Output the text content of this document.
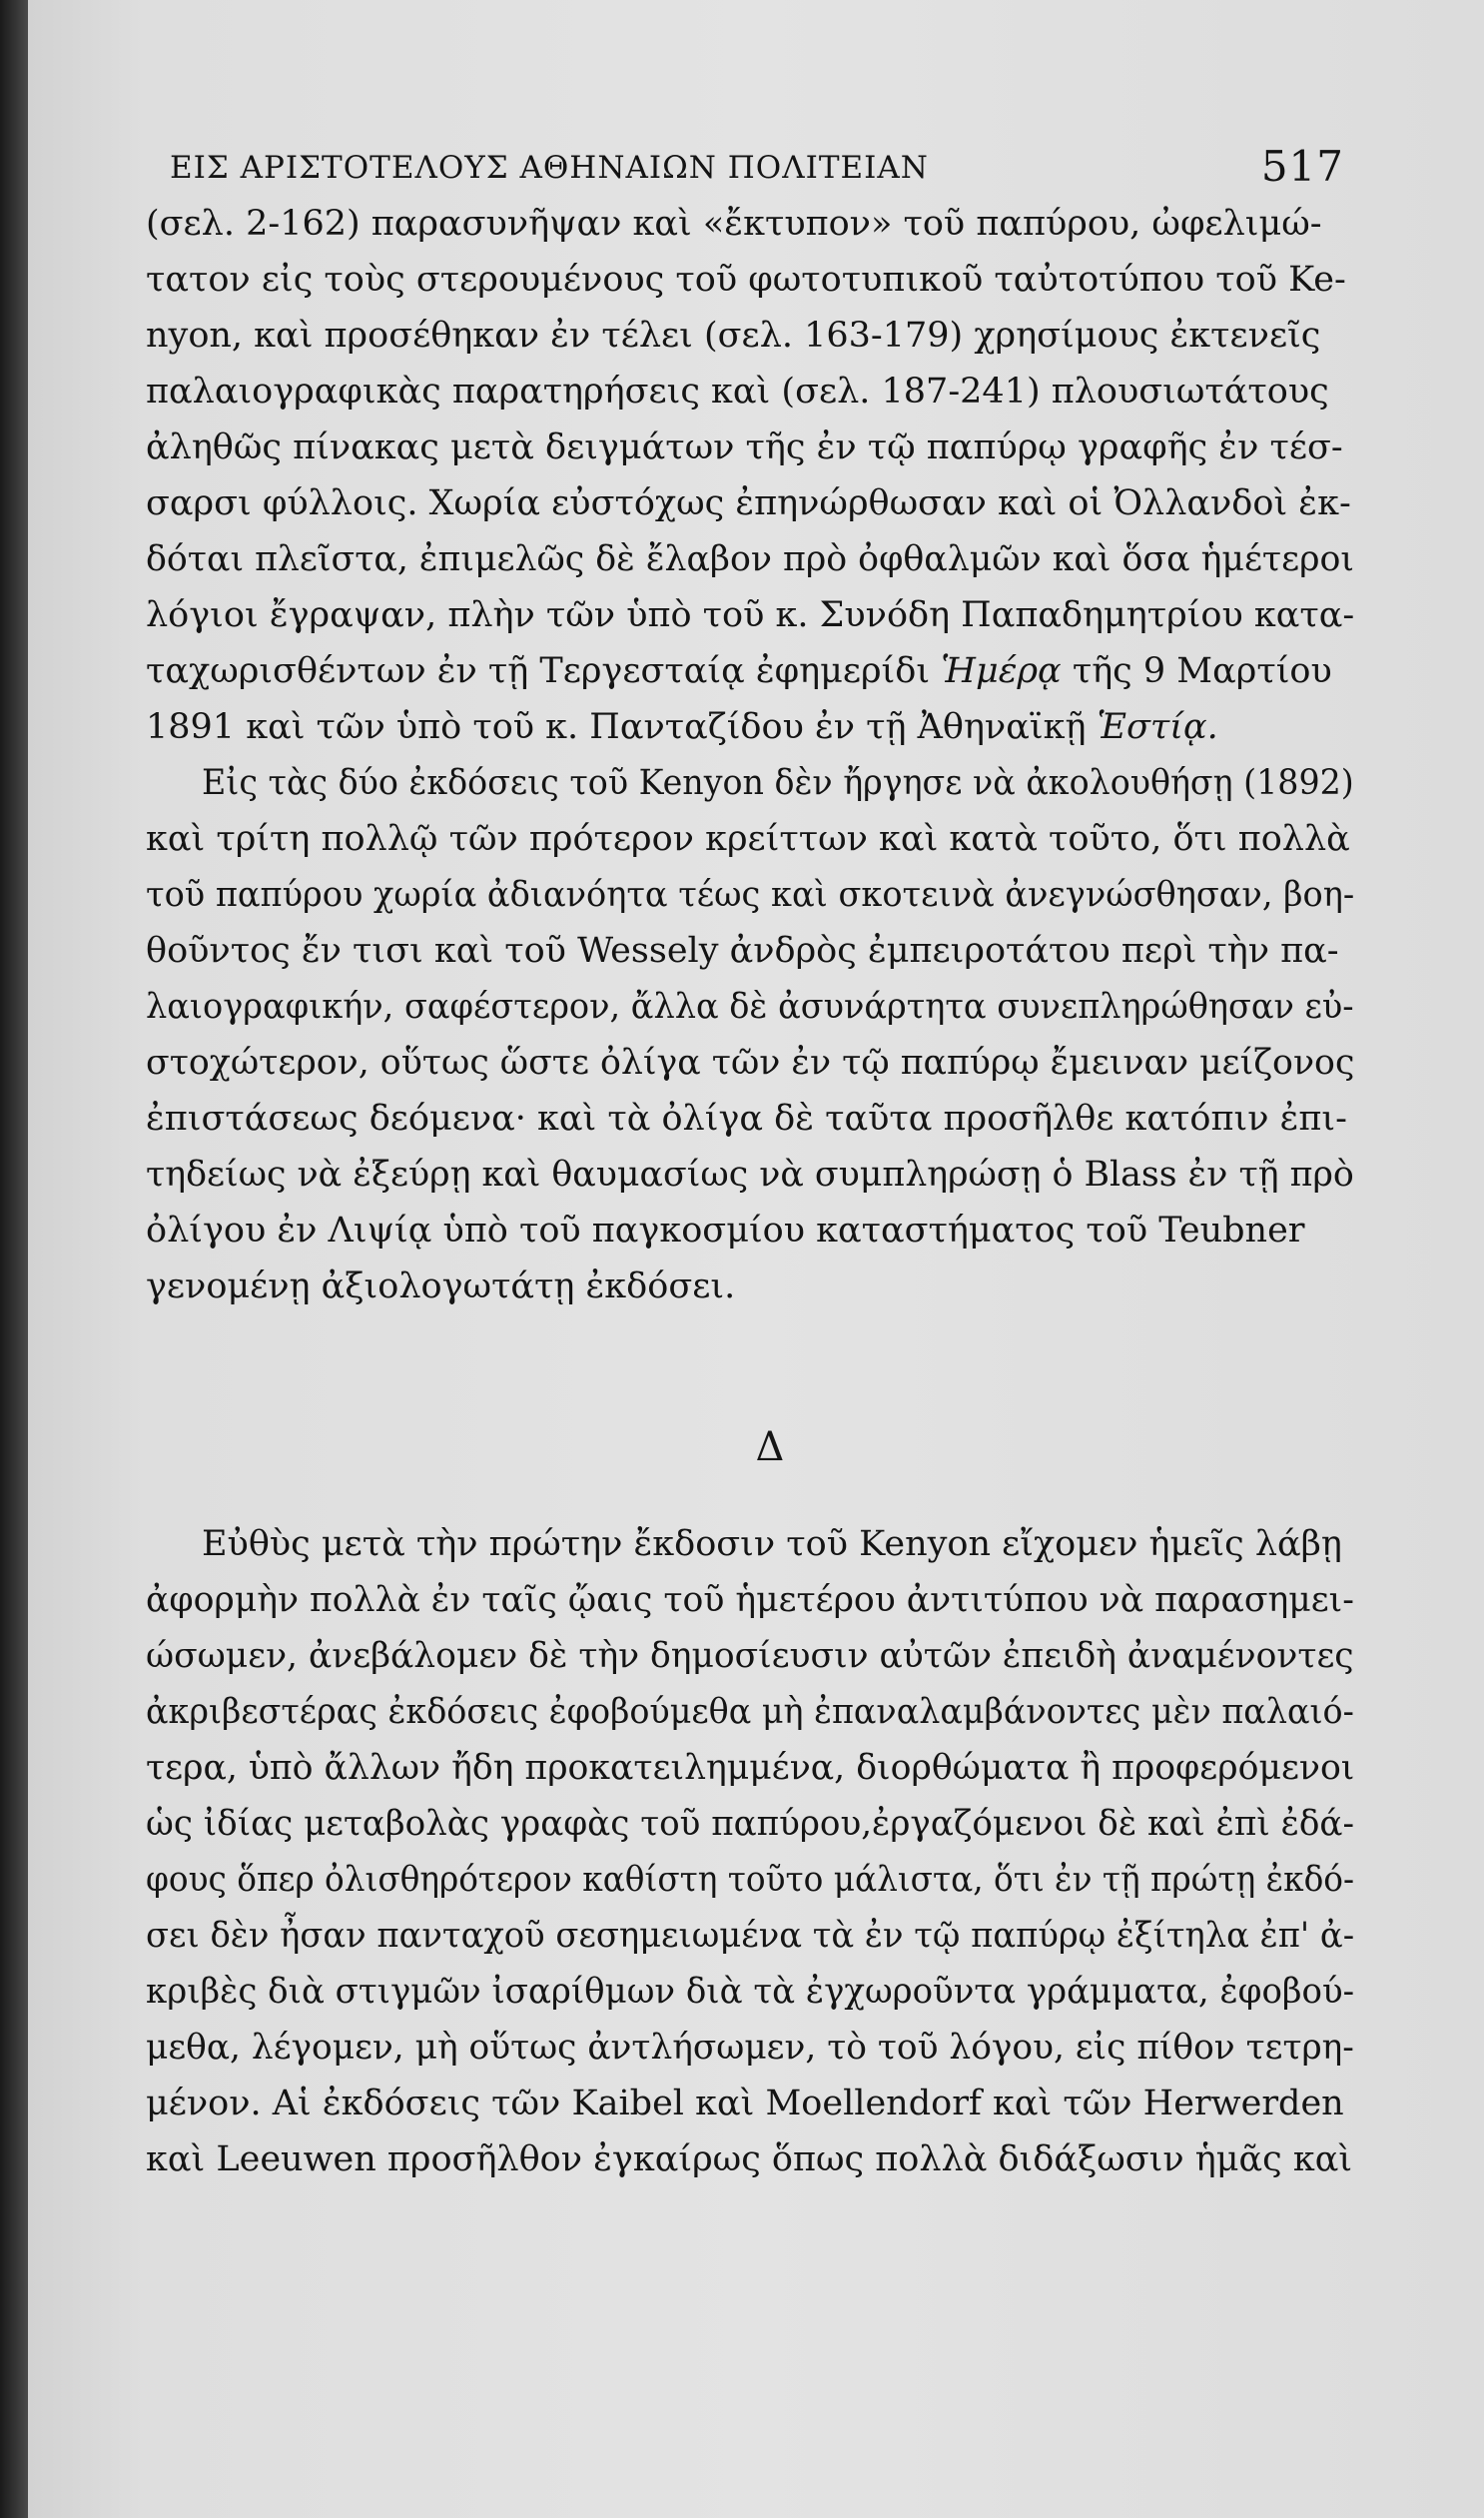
ΕΙΣ ΑΡΙΣΤΟΤΕΛΟΥΣ ΑΘΗΝΑΙΩΝ ΠΟΛΙΤΕΙΑΝ	517
(σελ. 2-162) παρασυνῆψαν καὶ «ἔκτυπον» τοῦ παπύρου, ὠφελιμώ-
τατον εἰς τοὺς στερουμένους τοῦ φωτοτυπικοῦ ταὐτοτύπου τοῦ Ke-
nyon, καὶ προσέθηκαν ἐν τέλει (σελ. 163-179) χρησίμους ἐκτενεῖς
παλαιογραφικὰς παρατηρήσεις καὶ (σελ. 187-241) πλουσιωτάτους
ἀληθῶς πίνακας μετὰ δειγμάτων τῆς ἐν τῷ παπύρῳ γραφῆς ἐν τέσ-
σαρσι φύλλοις. Χωρία εὐστόχως ἐπηνώρθωσαν καὶ οἱ Ὀλλανδοὶ ἐκ-
δόται πλεῖστα, ἐπιμελῶς δὲ ἔλαβον πρὸ ὀφθαλμῶν καὶ ὅσα ἡμέτεροι
λόγιοι ἔγραψαν, πλὴν τῶν ὑπὸ τοῦ κ. Συνόδη Παπαδημητρίου κατα-
ταχωρισθέντων ἐν τῇ Τεργεσταίᾳ ἐφημερίδι Ἡμέρᾳ τῆς 9 Μαρτίου
1891 καὶ τῶν ὑπὸ τοῦ κ. Πανταζίδου ἐν τῇ Ἀθηναϊκῇ Ἑστίᾳ.
Εἰς τὰς δύο ἐκδόσεις τοῦ Kenyon δὲν ἤργησε νὰ ἀκολουθήσῃ (1892)
καὶ τρίτη πολλῷ τῶν πρότερον κρείττων καὶ κατὰ τοῦτο, ὅτι πολλὰ
τοῦ παπύρου χωρία ἀδιανόητα τέως καὶ σκοτεινὰ ἀνεγνώσθησαν, βοη-
θοῦντος ἔν τισι καὶ τοῦ Wessely ἀνδρὸς ἐμπειροτάτου περὶ τὴν πα-
λαιογραφικήν, σαφέστερον, ἄλλα δὲ ἀσυνάρτητα συνεπληρώθησαν εὐ-
στοχώτερον, οὕτως ὥστε ὀλίγα τῶν ἐν τῷ παπύρῳ ἔμειναν μείζονος
ἐπιστάσεως δεόμενα· καὶ τὰ ὀλίγα δὲ ταῦτα προσῆλθε κατόπιν ἐπι-
τηδείως νὰ ἐξεύρῃ καὶ θαυμασίως νὰ συμπληρώσῃ ὁ Blass ἐν τῇ πρὸ
ὀλίγου ἐν Λιψίᾳ ὑπὸ τοῦ παγκοσμίου καταστήματος τοῦ Teubner
γενομένῃ ἀξιολογωτάτῃ ἐκδόσει.
Δ
Εὐθὺς μετὰ τὴν πρώτην ἔκδοσιν τοῦ Kenyon εἴχομεν ἡμεῖς λάβῃ
ἀφορμὴν πολλὰ ἐν ταῖς ᾤαις τοῦ ἡμετέρου ἀντιτύπου νὰ παρασημει-
ώσωμεν, ἀνεβάλομεν δὲ τὴν δημοσίευσιν αὐτῶν ἐπειδὴ ἀναμένοντες
ἀκριβεστέρας ἐκδόσεις ἐφοβούμεθα μὴ ἐπαναλαμβάνοντες μὲν παλαιό-
τερα, ὑπὸ ἄλλων ἤδη προκατειλημμένα, διορθώματα ἢ προφερόμενοι
ὡς ἰδίας μεταβολὰς γραφὰς τοῦ παπύρου,ἐργαζόμενοι δὲ καὶ ἐπὶ ἐδά-
φους ὅπερ ὀλισθηρότερον καθίστη τοῦτο μάλιστα, ὅτι ἐν τῇ πρώτῃ ἐκδό-
σει δὲν ἦσαν πανταχοῦ σεσημειωμένα τὰ ἐν τῷ παπύρῳ ἐξίτηλα ἐπ' ἀ-
κριβὲς διὰ στιγμῶν ἰσαρίθμων διὰ τὰ ἐγχωροῦντα γράμματα, ἐφοβού-
μεθα, λέγομεν, μὴ οὕτως ἀντλήσωμεν, τὸ τοῦ λόγου, εἰς πίθον τετρη-
μένον. Αἱ ἐκδόσεις τῶν Kaibel καὶ Moellendorf καὶ τῶν Herwerden
καὶ Leeuwen προσῆλθον ἐγκαίρως ὅπως πολλὰ διδάξωσιν ἡμᾶς καὶ
